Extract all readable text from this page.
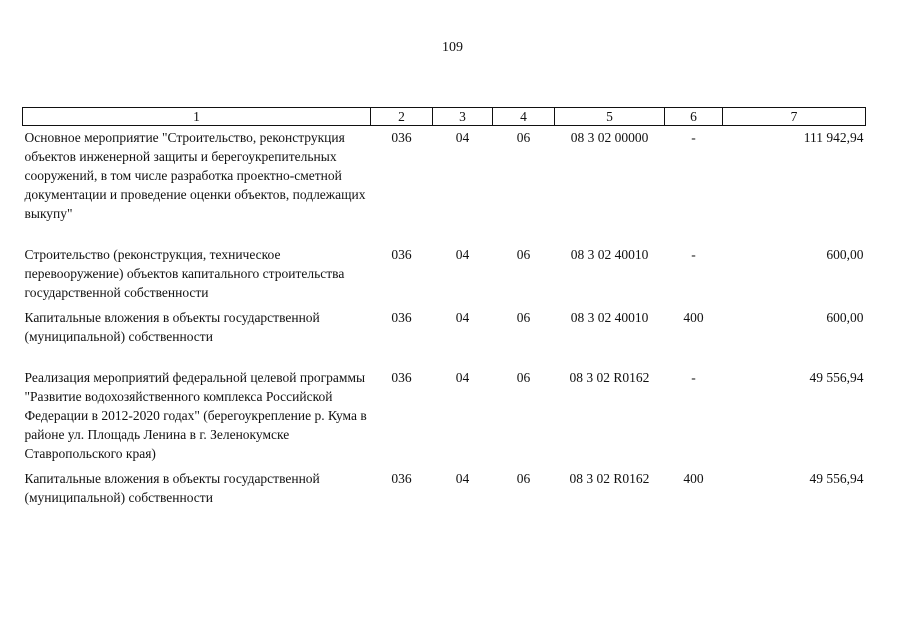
109
1	2	3	4	5	6	7
Основное мероприятие "Строительство, реконструкция объектов инженерной защиты и берегоукрепительных сооружений, в том числе разработка проектно-сметной документации и проведение оценки объектов, подлежащих выкупу"	036	04	06	08 3 02 00000	-	111 942,94
Строительство (реконструкция, техническое перевооружение) объектов капитального строительства государственной собственности	036	04	06	08 3 02 40010	-	600,00
Капитальные вложения в объекты государственной (муниципальной) собственности	036	04	06	08 3 02 40010	400	600,00
Реализация мероприятий федеральной целевой программы "Развитие водохозяйственного комплекса Российской Федерации в 2012-2020 годах" (берегоукрепление р. Кума в районе ул. Площадь Ленина в г. Зеленокумске Ставропольского края)	036	04	06	08 3 02 R0162	-	49 556,94
Капитальные вложения в объекты государственной (муниципальной) собственности	036	04	06	08 3 02 R0162	400	49 556,94
